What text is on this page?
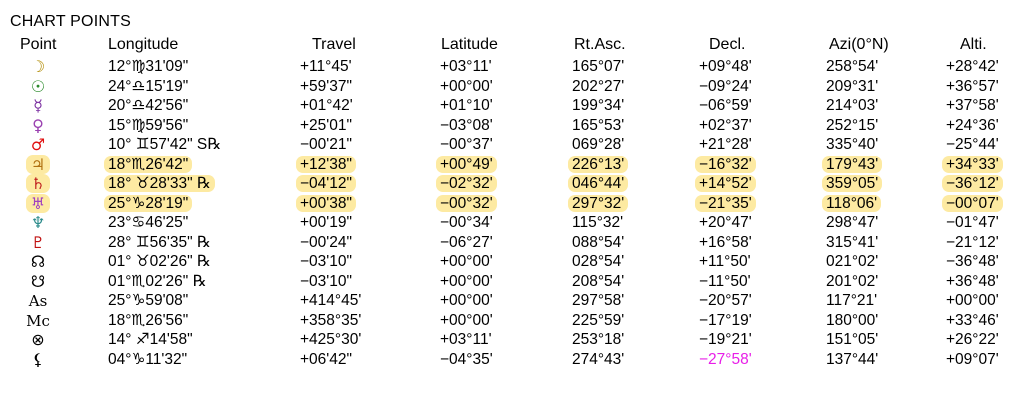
CHART POINTS
Point	Longitude	Travel	Latitude	Rt.Asc.	Decl.	Azi(0°N)	Alti.
☽	12°♍31'09"	+11°45'	+03°11'	165°07'	+09°48'	258°54'	+28°42'
☉	24°♎15'19"	+59'37"	+00°00'	202°27'	−09°24'	209°31'	+36°57'
☿	20°♎42'56"	+01°42'	+01°10'	199°34'	−06°59'	214°03'	+37°58'
♀	15°♍59'56"	+25'01"	−03°08'	165°53'	+02°37'	252°15'	+24°36'
♂	10° ♊57'42" S℞	−00'21"	−00°37'	069°28'	+21°28'	335°40'	−25°44'
♃	18°♏26'42"	+12'38"	+00°49'	226°13'	−16°32'	179°43'	+34°33'
♄	18° ♉28'33" ℞	−04'12"	−02°32'	046°44'	+14°52'	359°05'	−36°12'
♅	25°♑28'19"	+00'38"	−00°32'	297°32'	−21°35'	118°06'	−00°07'
♆	23°♋46'25"	+00'19"	−00°34'	115°32'	+20°47'	298°47'	−01°47'
♇	28° ♊56'35" ℞	−00'24"	−06°27'	088°54'	+16°58'	315°41'	−21°12'
☊	01° ♉02'26" ℞	−03'10"	+00°00'	028°54'	+11°50'	021°02'	−36°48'
☋	01°♏02'26" ℞	−03'10"	+00°00'	208°54'	−11°50'	201°02'	+36°48'
As	25°♑59'08"	+414°45'	+00°00'	297°58'	−20°57'	117°21'	+00°00'
Mc	18°♏26'56"	+358°35'	+00°00'	225°59'	−17°19'	180°00'	+33°46'
⊗	14° ♐14'58"	+425°30'	+03°11'	253°18'	−19°21'	151°05'	+26°22'
⚸	04°♑11'32"	+06'42"	−04°35'	274°43'	−27°58'	137°44'	+09°07'
